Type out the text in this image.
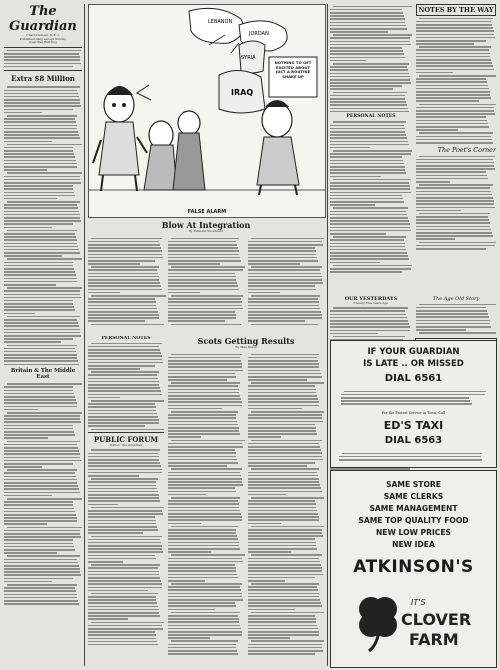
The Guardian
Charlottetown, P. E. I.
Published daily except Sunday
Guardian Building
Extra $8 Million
Britain & The Middle East
LEBANON
JORDAN
SYRIA
IRAQ
NOTHING TO GET EXCITED ABOUT JUST A ROUTINE SHAKE UP
FALSE ALARM
Blow At Integration
By Edmond Woodward
PERSONAL NOTES
PUBLIC FORUM
Editor, The Guardian
Scots Getting Results
By Max Beloff
PERSONAL NOTES
NOTES BY THE WAY
The Poet's Corner
OUR YESTERDAYS
Twenty-Five Years Ago
The Age Old Story
IF YOUR GUARDIAN
IS LATE .. OR MISSED
DIAL 6561
For the Fastest Service in Town, Call
ED'S TAXI
DIAL 6563
SAME STORE
SAME CLERKS
SAME MANAGEMENT
SAME TOP QUALITY FOOD
NEW LOW PRICES
NEW IDEA
ATKINSON'S
IT'S
CLOVER
FARM
